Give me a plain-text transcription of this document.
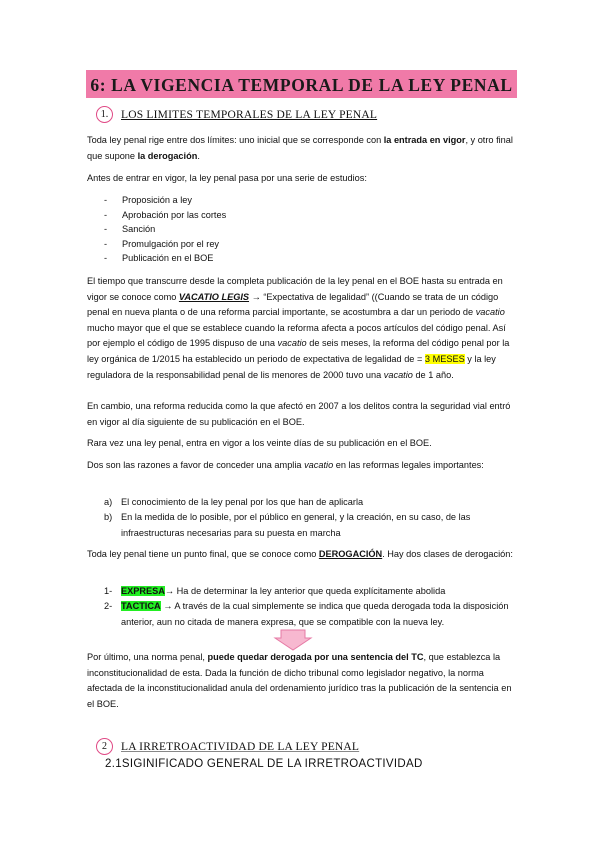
6: LA VIGENCIA TEMPORAL DE LA LEY PENAL
1.	LOS LIMITES TEMPORALES DE LA LEY PENAL

Toda ley penal rige entre dos límites: uno inicial que se corresponde con la entrada en vigor, y otro final que supone la derogación.

Antes de entrar en vigor, la ley penal pasa por una serie de estudios:

-	Proposición a ley
-	Aprobación por las cortes
-	Sanción
-	Promulgación por el rey
-	Publicación en el BOE

El tiempo que transcurre desde la completa publicación de la ley penal en el BOE hasta su entrada en vigor se conoce como VACATIO LEGIS → “Expectativa de legalidad” ((Cuando se trata de un código penal en nueva planta o de una reforma parcial importante, se acostumbra a dar un periodo de vacatio mucho mayor que el que se establece cuando la reforma afecta a pocos artículos del código penal. Así por ejemplo el código de 1995 dispuso de una vacatio de seis meses, la reforma del código penal por la ley orgánica de 1/2015 ha establecido un periodo de expectativa de legalidad de = 3 MESES y la ley reguladora de la responsabilidad penal de lis menores de 2000 tuvo una vacatio de 1 año.

En cambio, una reforma reducida como la que afectó en 2007 a los delitos contra la seguridad vial entró en vigor al día siguiente de su publicación en el BOE.

Rara vez una ley penal, entra en vigor a los veinte días de su publicación en el BOE.

Dos son las razones a favor de conceder una amplia vacatio en las reformas legales importantes:

a) El conocimiento de la ley penal por los que han de aplicarla
b) En la medida de lo posible, por el público en general, y la creación, en su caso, de las infraestructuras necesarias para su puesta en marcha

Toda ley penal tiene un punto final, que se conoce como DEROGACIÓN. Hay dos clases de derogación:

1- EXPRESA→ Ha de determinar la ley anterior que queda explícitamente abolida
2- TACTICA → A través de la cual simplemente se indica que queda derogada toda la disposición anterior, aun no citada de manera expresa, que se compatible con la nueva ley.

Por último, una norma penal, puede quedar derogada por una sentencia del TC, que establezca la inconstitucionalidad de esta. Dada la función de dicho tribunal como legislador negativo, la norma afectada de la inconstitucionalidad anula del ordenamiento jurídico tras la publicación de la sentencia en el BOE.

2	LA IRRETROACTIVIDAD DE LA LEY PENAL
2.1SIGINIFICADO GENERAL DE LA IRRETROACTIVIDAD
